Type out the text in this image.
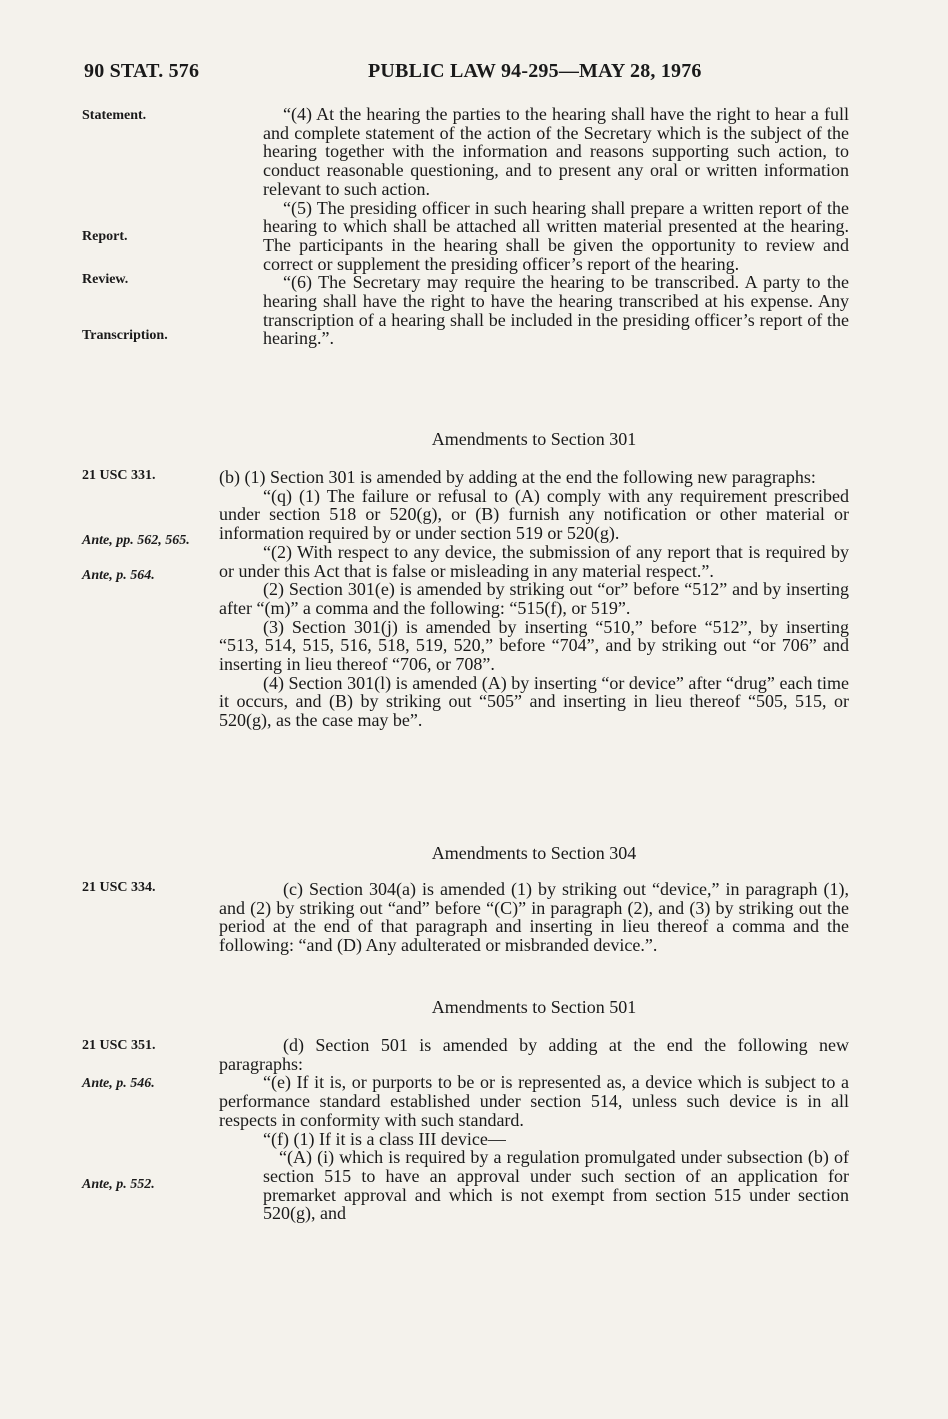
90 STAT. 576	PUBLIC LAW 94-295—MAY 28, 1976
Statement.
Report.
Review.
Transcription.
21 USC 331.
Ante, pp. 562, 565.
Ante, p. 564.
21 USC 334.
21 USC 351.
Ante, p. 546.
Ante, p. 552.

“(4) At the hearing the parties to the hearing shall have the right to hear a full and complete statement of the action of the Secretary which is the subject of the hearing together with the information and reasons supporting such action, to conduct reasonable questioning, and to present any oral or written information relevant to such action.

“(5) The presiding officer in such hearing shall prepare a written report of the hearing to which shall be attached all written material presented at the hearing. The participants in the hearing shall be given the opportunity to review and correct or supplement the presiding officer’s report of the hearing.

“(6) The Secretary may require the hearing to be transcribed. A party to the hearing shall have the right to have the hearing transcribed at his expense. Any transcription of a hearing shall be included in the presiding officer’s report of the hearing.”.

Amendments to Section 301

(b) (1) Section 301 is amended by adding at the end the following new paragraphs:

“(q) (1) The failure or refusal to (A) comply with any requirement prescribed under section 518 or 520(g), or (B) furnish any notification or other material or information required by or under section 519 or 520(g).

“(2) With respect to any device, the submission of any report that is required by or under this Act that is false or misleading in any material respect.”.

(2) Section 301(e) is amended by striking out “or” before “512” and by inserting after “(m)” a comma and the following: “515(f), or 519”.

(3) Section 301(j) is amended by inserting “510,” before “512”, by inserting “513, 514, 515, 516, 518, 519, 520,” before “704”, and by striking out “or 706” and inserting in lieu thereof “706, or 708”.

(4) Section 301(l) is amended (A) by inserting “or device” after “drug” each time it occurs, and (B) by striking out “505” and inserting in lieu thereof “505, 515, or 520(g), as the case may be”.

Amendments to Section 304

(c) Section 304(a) is amended (1) by striking out “device,” in paragraph (1), and (2) by striking out “and” before “(C)” in paragraph (2), and (3) by striking out the period at the end of that paragraph and inserting in lieu thereof a comma and the following: “and (D) Any adulterated or misbranded device.”.

Amendments to Section 501

(d) Section 501 is amended by adding at the end the following new paragraphs:

“(e) If it is, or purports to be or is represented as, a device which is subject to a performance standard established under section 514, unless such device is in all respects in conformity with such standard.

“(f) (1) If it is a class III device—

“(A) (i) which is required by a regulation promulgated under subsection (b) of section 515 to have an approval under such section of an application for premarket approval and which is not exempt from section 515 under section 520(g), and
